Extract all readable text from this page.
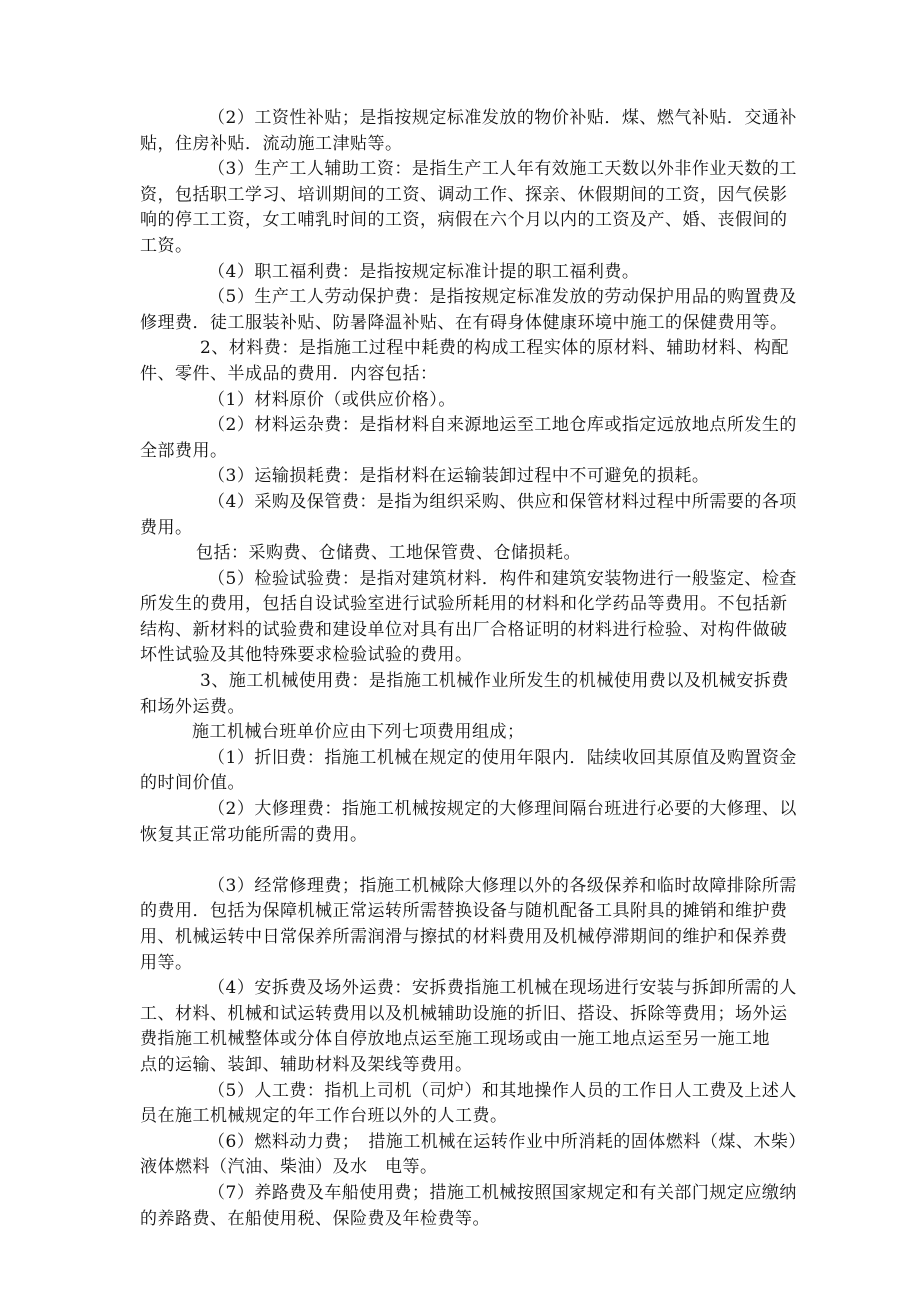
（2）工资性补贴；是指按规定标准发放的物价补贴．煤、燃气补贴．交通补
贴，住房补贴．流动施工津贴等。
（3）生产工人辅助工资：是指生产工人年有效施工天数以外非作业天数的工
资，包括职工学习、培训期间的工资、调动工作、探亲、休假期间的工资，因气侯影
响的停工工资，女工哺乳时间的工资，病假在六个月以内的工资及产、婚、丧假间的
工资。
（4）职工福利费：是指按规定标准计提的职工福利费。
（5）生产工人劳动保护费：是指按规定标准发放的劳动保护用品的购置费及
修理费．徒工服装补贴、防暑降温补贴、在有碍身体健康环境中施工的保健费用等。
2、材料费：是指施工过程中耗费的构成工程实体的原材料、辅助材料、构配
件、零件、半成品的费用．内容包括：
（1）材料原价（或供应价格）。
（2）材料运杂费：是指材料自来源地运至工地仓库或指定远放地点所发生的
全部费用。
（3）运输损耗费：是指材料在运输装卸过程中不可避免的损耗。
（4）采购及保管费：是指为组织采购、供应和保管材料过程中所需要的各项
费用。
包括：采购费、仓储费、工地保管费、仓储损耗。
（5）检验试验费：是指对建筑材料．构件和建筑安装物进行一般鉴定、检查
所发生的费用，包括自设试验室进行试验所耗用的材料和化学药品等费用。不包括新
结构、新材料的试验费和建设单位对具有出厂合格证明的材料进行检验、对构件做破
坏性试验及其他特殊要求检验试验的费用。
3、施工机械使用费：是指施工机械作业所发生的机械使用费以及机械安拆费
和场外运费。
施工机械台班单价应由下列七项费用组成；
（1）折旧费：指施工机械在规定的使用年限内．陆续收回其原值及购置资金
的时间价值。
（2）大修理费：指施工机械按规定的大修理间隔台班进行必要的大修理、以
恢复其正常功能所需的费用。
（3）经常修理费；指施工机械除大修理以外的各级保养和临时故障排除所需
的费用．包括为保障机械正常运转所需替换设备与随机配备工具附具的摊销和维护费
用、机械运转中日常保养所需润滑与擦拭的材料费用及机械停滞期间的维护和保养费
用等。
（4）安拆费及场外运费：安拆费指施工机械在现场进行安装与拆卸所需的人
工、材料、机械和试运转费用以及机械辅助设施的折旧、搭设、拆除等费用；场外运
费指施工机械整体或分体自停放地点运至施工现场或由一施工地点运至另一施工地
点的运输、装卸、辅助材料及架线等费用。
（5）人工费：指机上司机（司炉）和其地操作人员的工作日人工费及上述人
员在施工机械规定的年工作台班以外的人工费。
（6）燃料动力费；　措施工机械在运转作业中所消耗的固体燃料（煤、木柴）
液体燃料（汽油、柴油）及水　电等。
（7）养路费及车船使用费；措施工机械按照国家规定和有关部门规定应缴纳
的养路费、在船使用税、保险费及年检费等。
